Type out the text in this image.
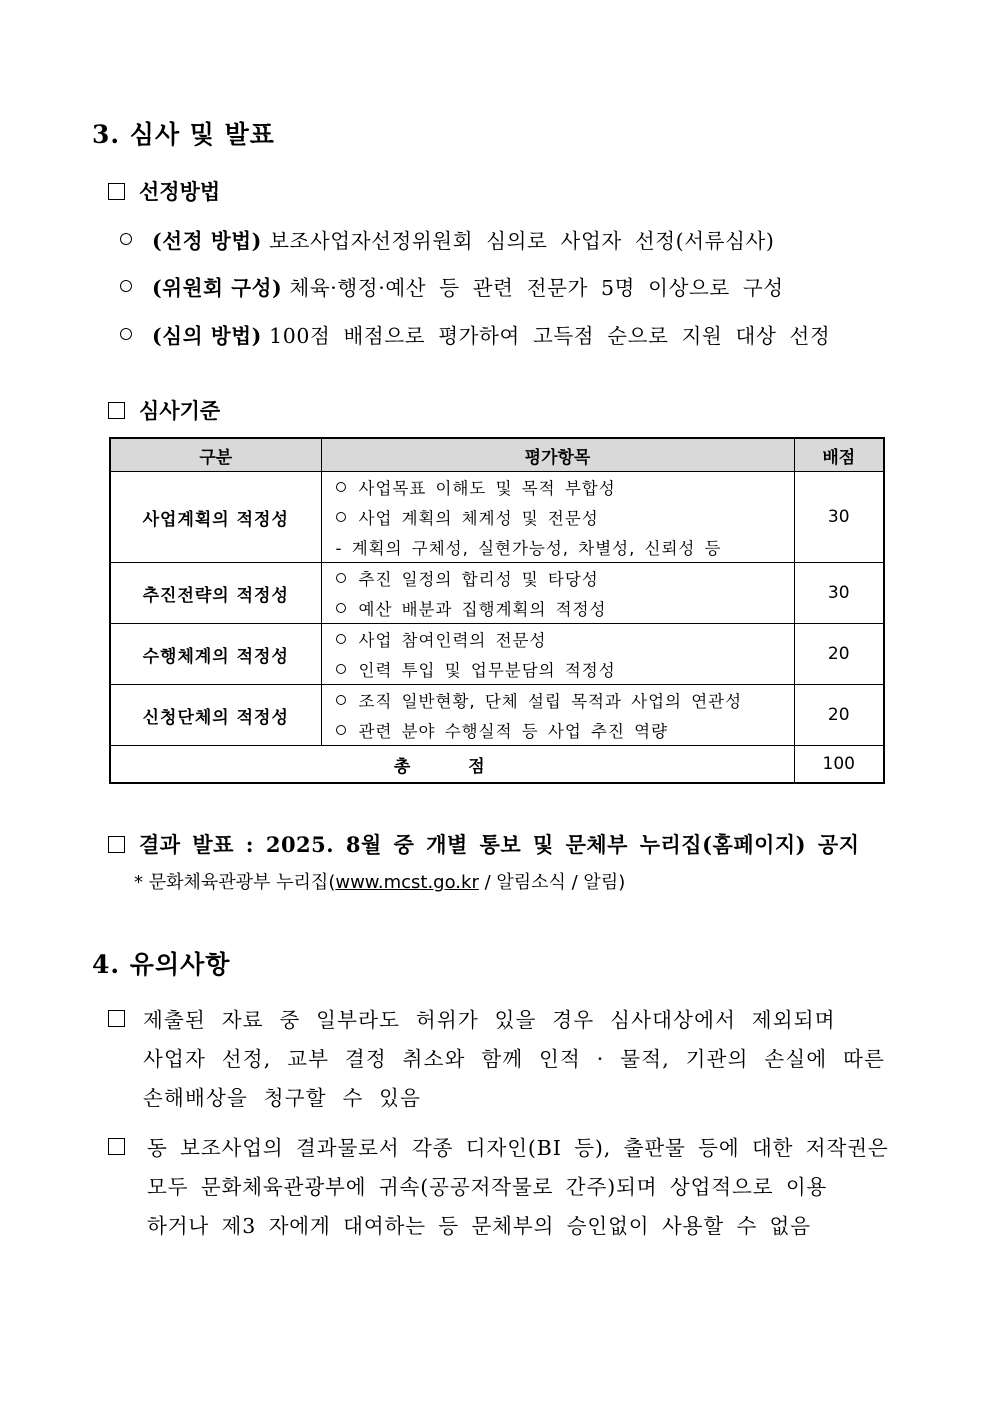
3. 심사 및 발표
선정방법
(선정 방법)
보조사업자선정위원회 심의로 사업자 선정(서류심사)
(위원회 구성)
체육·행정·예산 등 관련 전문가 5명 이상으로 구성
(심의 방법)
100점 배점으로 평가하여 고득점 순으로 지원 대상 선정
심사기준
구분	평가항목	배점
사업계획의 적정성	사업목표 이해도 및 목적 부합성
사업 계획의 체계성 및 전문성
- 계획의 구체성, 실현가능성, 차별성, 신뢰성 등	30
추진전략의 적정성	추진 일정의 합리성 및 타당성
예산 배분과 집행계획의 적정성	30
수행체계의 적정성	사업 참여인력의 전문성
인력 투입 및 업무분담의 적정성	20
신청단체의 적정성	조직 일반현황, 단체 설립 목적과 사업의 연관성
관련 분야 수행실적 등 사업 추진 역량	20
총 점		100
결과 발표 : 2025. 8월 중 개별 통보 및 문체부 누리집(홈페이지) 공지
* 문화체육관광부 누리집(www.mcst.go.kr / 알림소식 / 알림)
4. 유의사항
제출된 자료 중 일부라도 허위가 있을 경우 심사대상에서 제외되며
사업자 선정, 교부 결정 취소와 함께 인적 · 물적, 기관의 손실에 따른
손해배상을 청구할 수 있음
동 보조사업의 결과물로서 각종 디자인(BI 등), 출판물 등에 대한 저작권은
모두 문화체육관광부에 귀속(공공저작물로 간주)되며 상업적으로 이용
하거나 제3 자에게 대여하는 등 문체부의 승인없이 사용할 수 없음
